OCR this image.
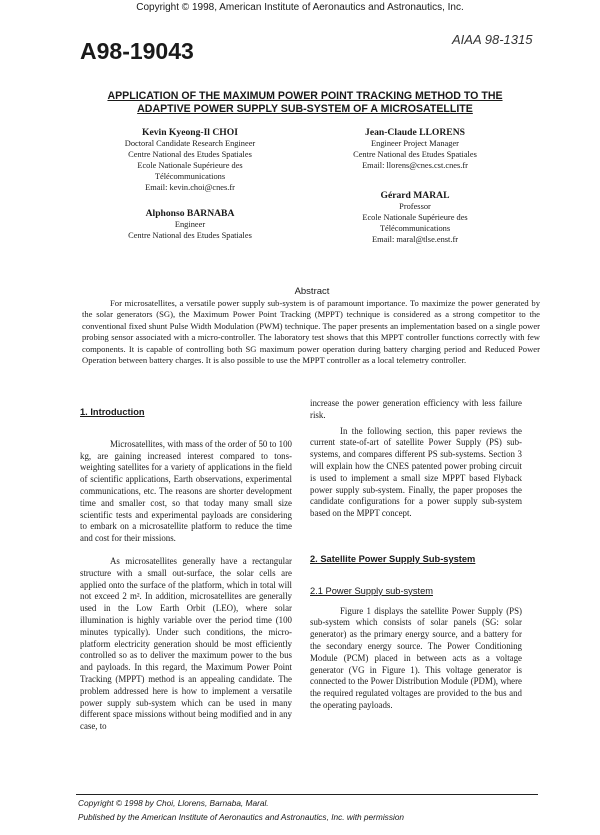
Copyright © 1998, American Institute of Aeronautics and Astronautics, Inc.
A98-19043	AIAA 98-1315
APPLICATION OF THE MAXIMUM POWER POINT TRACKING METHOD TO THE
ADAPTIVE POWER SUPPLY SUB-SYSTEM OF A MICROSATELLITE
Kevin Kyeong-Il CHOI
Doctoral Candidate Research Engineer
Centre National des Etudes Spatiales
Ecole Nationale Supérieure des
Télécommunications
Email: kevin.choi@cnes.fr
Jean-Claude LLORENS
Engineer Project Manager
Centre National des Etudes Spatiales
Email: llorens@cnes.cst.cnes.fr
Gérard MARAL
Professor
Ecole Nationale Supérieure des
Télécommunications
Email: maral@tlse.enst.fr
Alphonso BARNABA
Engineer
Centre National des Etudes Spatiales
Abstract
For microsatellites, a versatile power supply sub-system is of paramount importance. To maximize the power generated by the solar generators (SG), the Maximum Power Point Tracking (MPPT) technique is considered as a strong competitor to the conventional fixed shunt Pulse Width Modulation (PWM) technique. The paper presents an implementation based on a single power probing sensor associated with a micro-controller. The laboratory test shows that this MPPT controller functions correctly with few components. It is capable of controlling both SG maximum power operation during battery charging period and Reduced Power Operation between battery charges. It is also possible to use the MPPT controller as a local telemetry controller.
1. Introduction

Microsatellites, with mass of the order of 50 to 100 kg, are gaining increased interest compared to tons-weighting satellites for a variety of applications in the field of scientific applications, Earth observations, experimental communications, etc. The reasons are shorter development time and smaller cost, so that today many small size scientific tests and experimental payloads are considering to embark on a microsatellite platform to reduce the time and cost for their missions.

As microsatellites generally have a rectangular structure with a small out-surface, the solar cells are applied onto the surface of the platform, which in total will not exceed 2 m². In addition, microsatellites are generally used in the Low Earth Orbit (LEO), where solar illumination is highly variable over the period time (100 minutes typically). Under such conditions, the micro-platform electricity generation should be most efficiently controlled so as to deliver the maximum power to the bus and payloads. In this regard, the Maximum Power Point Tracking (MPPT) method is an appealing candidate. The problem addressed here is how to implement a versatile power supply sub-system which can be used in many different space missions without being modified and in any case, to

increase the power generation efficiency with less failure risk.

In the following section, this paper reviews the current state-of-art of satellite Power Supply (PS) sub-systems, and compares different PS sub-systems. Section 3 will explain how the CNES patented power probing circuit is used to implement a small size MPPT based Flyback power supply sub-system. Finally, the paper proposes the candidate configurations for a power supply sub-system based on the MPPT concept.

2. Satellite Power Supply Sub-system
2.1 Power Supply sub-system

Figure 1 displays the satellite Power Supply (PS) sub-system which consists of solar panels (SG: solar generator) as the primary energy source, and a battery for the secondary energy source. The Power Conditioning Module (PCM) placed in between acts as a voltage generator (VG in Figure 1). This voltage generator is connected to the Power Distribution Module (PDM), where the required regulated voltages are provided to the bus and the operating payloads.

Copyright © 1998 by Choi, Llorens, Barnaba, Maral.
Published by the American Institute of Aeronautics and Astronautics, Inc. with permission
